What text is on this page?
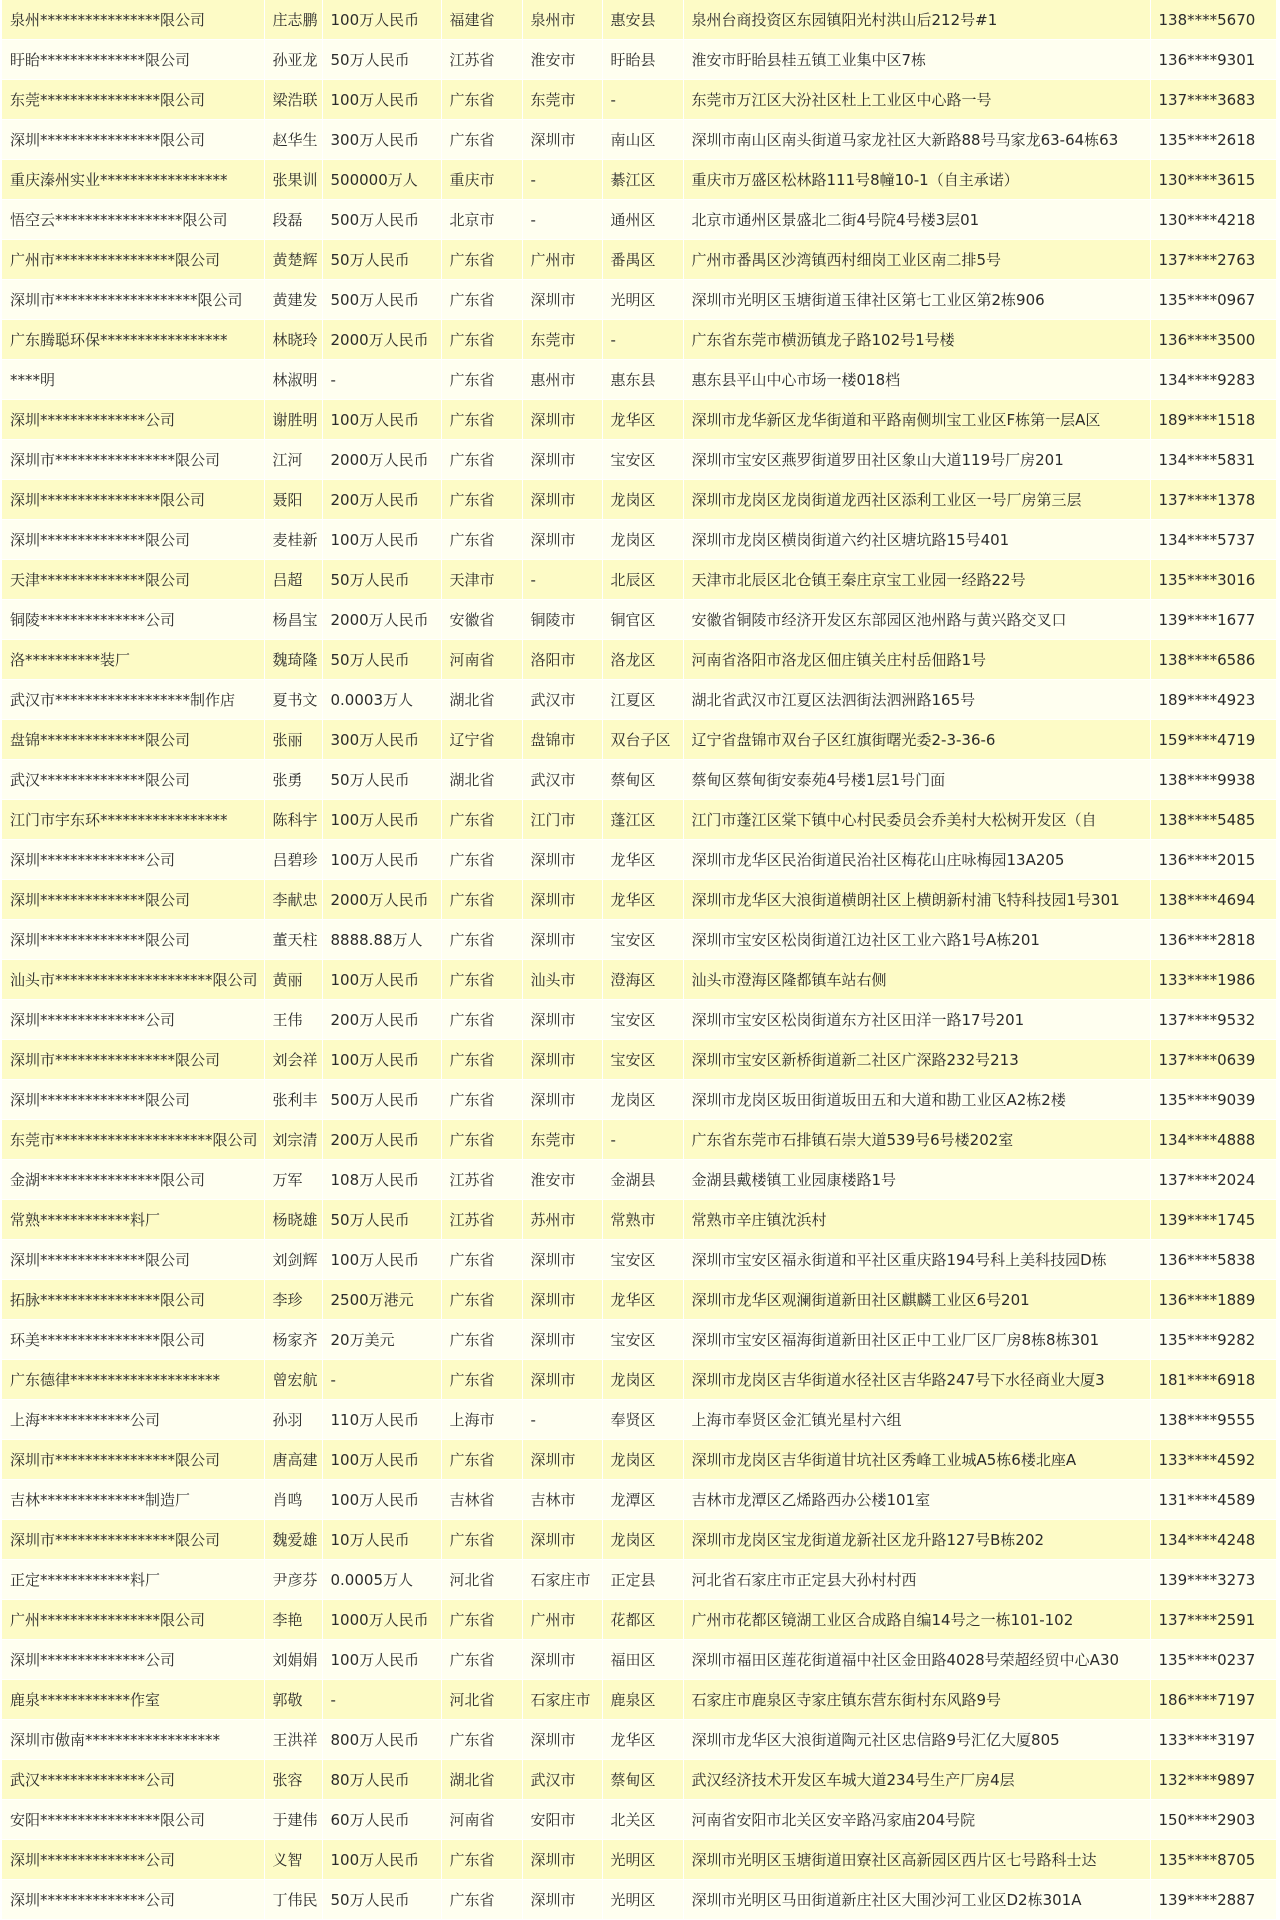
泉州****************限公司	庄志鹏	100万人民币	福建省	泉州市	惠安县	泉州台商投资区东园镇阳光村洪山后212号#1	138****5670
盱眙**************限公司	孙亚龙	50万人民币	江苏省	淮安市	盱眙县	淮安市盱眙县桂五镇工业集中区7栋	136****9301
东莞****************限公司	梁浩联	100万人民币	广东省	东莞市	-	东莞市万江区大汾社区杜上工业区中心路一号	137****3683
深圳****************限公司	赵华生	300万人民币	广东省	深圳市	南山区	深圳市南山区南头街道马家龙社区大新路88号马家龙63-64栋63	135****2618
重庆溱州实业*****************	张果训	500000万人	重庆市	-	綦江区	重庆市万盛区松林路111号8幢10-1（自主承诺）	130****3615
悟空云*****************限公司	段磊	500万人民币	北京市	-	通州区	北京市通州区景盛北二街4号院4号楼3层01	130****4218
广州市****************限公司	黄楚辉	50万人民币	广东省	广州市	番禺区	广州市番禺区沙湾镇西村细岗工业区南二排5号	137****2763
深圳市*******************限公司	黄建发	500万人民币	广东省	深圳市	光明区	深圳市光明区玉塘街道玉律社区第七工业区第2栋906	135****0967
广东腾聪环保*****************	林晓玲	2000万人民币	广东省	东莞市	-	广东省东莞市横沥镇龙子路102号1号楼	136****3500
****明	林淑明	-	广东省	惠州市	惠东县	惠东县平山中心市场一楼018档	134****9283
深圳**************公司	谢胜明	100万人民币	广东省	深圳市	龙华区	深圳市龙华新区龙华街道和平路南侧圳宝工业区F栋第一层A区	189****1518
深圳市****************限公司	江河	2000万人民币	广东省	深圳市	宝安区	深圳市宝安区燕罗街道罗田社区象山大道119号厂房201	134****5831
深圳****************限公司	聂阳	200万人民币	广东省	深圳市	龙岗区	深圳市龙岗区龙岗街道龙西社区添利工业区一号厂房第三层	137****1378
深圳**************限公司	麦桂新	100万人民币	广东省	深圳市	龙岗区	深圳市龙岗区横岗街道六约社区塘坑路15号401	134****5737
天津**************限公司	吕超	50万人民币	天津市	-	北辰区	天津市北辰区北仓镇王秦庄京宝工业园一经路22号	135****3016
铜陵**************公司	杨昌宝	2000万人民币	安徽省	铜陵市	铜官区	安徽省铜陵市经济开发区东部园区池州路与黄兴路交叉口	139****1677
洛**********装厂	魏琦隆	50万人民币	河南省	洛阳市	洛龙区	河南省洛阳市洛龙区佃庄镇关庄村岳佃路1号	138****6586
武汉市******************制作店	夏书文	0.0003万人	湖北省	武汉市	江夏区	湖北省武汉市江夏区法泗街法泗洲路165号	189****4923
盘锦**************限公司	张丽	300万人民币	辽宁省	盘锦市	双台子区	辽宁省盘锦市双台子区红旗街曙光委2-3-36-6	159****4719
武汉**************限公司	张勇	50万人民币	湖北省	武汉市	蔡甸区	蔡甸区蔡甸街安泰苑4号楼1层1号门面	138****9938
江门市宇东环*****************	陈科宇	100万人民币	广东省	江门市	蓬江区	江门市蓬江区棠下镇中心村民委员会乔美村大松树开发区（自	138****5485
深圳**************公司	吕碧珍	100万人民币	广东省	深圳市	龙华区	深圳市龙华区民治街道民治社区梅花山庄咏梅园13A205	136****2015
深圳**************限公司	李献忠	2000万人民币	广东省	深圳市	龙华区	深圳市龙华区大浪街道横朗社区上横朗新村浦飞特科技园1号301	138****4694
深圳**************限公司	董天柱	8888.88万人	广东省	深圳市	宝安区	深圳市宝安区松岗街道江边社区工业六路1号A栋201	136****2818
汕头市*********************限公司	黄丽	100万人民币	广东省	汕头市	澄海区	汕头市澄海区隆都镇车站右侧	133****1986
深圳**************公司	王伟	200万人民币	广东省	深圳市	宝安区	深圳市宝安区松岗街道东方社区田洋一路17号201	137****9532
深圳市****************限公司	刘会祥	100万人民币	广东省	深圳市	宝安区	深圳市宝安区新桥街道新二社区广深路232号213	137****0639
深圳**************限公司	张利丰	500万人民币	广东省	深圳市	龙岗区	深圳市龙岗区坂田街道坂田五和大道和勘工业区A2栋2楼	135****9039
东莞市*********************限公司	刘宗清	200万人民币	广东省	东莞市	-	广东省东莞市石排镇石崇大道539号6号楼202室	134****4888
金湖****************限公司	万军	108万人民币	江苏省	淮安市	金湖县	金湖县戴楼镇工业园康楼路1号	137****2024
常熟************料厂	杨晓雄	50万人民币	江苏省	苏州市	常熟市	常熟市辛庄镇沈浜村	139****1745
深圳**************限公司	刘剑辉	100万人民币	广东省	深圳市	宝安区	深圳市宝安区福永街道和平社区重庆路194号科上美科技园D栋	136****5838
拓脉****************限公司	李珍	2500万港元	广东省	深圳市	龙华区	深圳市龙华区观澜街道新田社区麒麟工业区6号201	136****1889
环美****************限公司	杨家齐	20万美元	广东省	深圳市	宝安区	深圳市宝安区福海街道新田社区正中工业厂区厂房8栋8栋301	135****9282
广东德律********************	曾宏航	-	广东省	深圳市	龙岗区	深圳市龙岗区吉华街道水径社区吉华路247号下水径商业大厦3	181****6918
上海************公司	孙羽	110万人民币	上海市	-	奉贤区	上海市奉贤区金汇镇光星村六组	138****9555
深圳市****************限公司	唐高建	100万人民币	广东省	深圳市	龙岗区	深圳市龙岗区吉华街道甘坑社区秀峰工业城A5栋6楼北座A	133****4592
吉林**************制造厂	肖鸣	100万人民币	吉林省	吉林市	龙潭区	吉林市龙潭区乙烯路西办公楼101室	131****4589
深圳市****************限公司	魏爱雄	10万人民币	广东省	深圳市	龙岗区	深圳市龙岗区宝龙街道龙新社区龙升路127号B栋202	134****4248
正定************料厂	尹彦芬	0.0005万人	河北省	石家庄市	正定县	河北省石家庄市正定县大孙村村西	139****3273
广州****************限公司	李艳	1000万人民币	广东省	广州市	花都区	广州市花都区镜湖工业区合成路自编14号之一栋101-102	137****2591
深圳**************公司	刘娟娟	100万人民币	广东省	深圳市	福田区	深圳市福田区莲花街道福中社区金田路4028号荣超经贸中心A30	135****0237
鹿泉************作室	郭敬	-	河北省	石家庄市	鹿泉区	石家庄市鹿泉区寺家庄镇东营东街村东风路9号	186****7197
深圳市傲南******************	王洪祥	800万人民币	广东省	深圳市	龙华区	深圳市龙华区大浪街道陶元社区忠信路9号汇亿大厦805	133****3197
武汉**************公司	张容	80万人民币	湖北省	武汉市	蔡甸区	武汉经济技术开发区车城大道234号生产厂房4层	132****9897
安阳****************限公司	于建伟	60万人民币	河南省	安阳市	北关区	河南省安阳市北关区安辛路冯家庙204号院	150****2903
深圳**************公司	义智	100万人民币	广东省	深圳市	光明区	深圳市光明区玉塘街道田寮社区高新园区西片区七号路科士达	135****8705
深圳**************公司	丁伟民	50万人民币	广东省	深圳市	光明区	深圳市光明区马田街道新庄社区大围沙河工业区D2栋301A	139****2887
